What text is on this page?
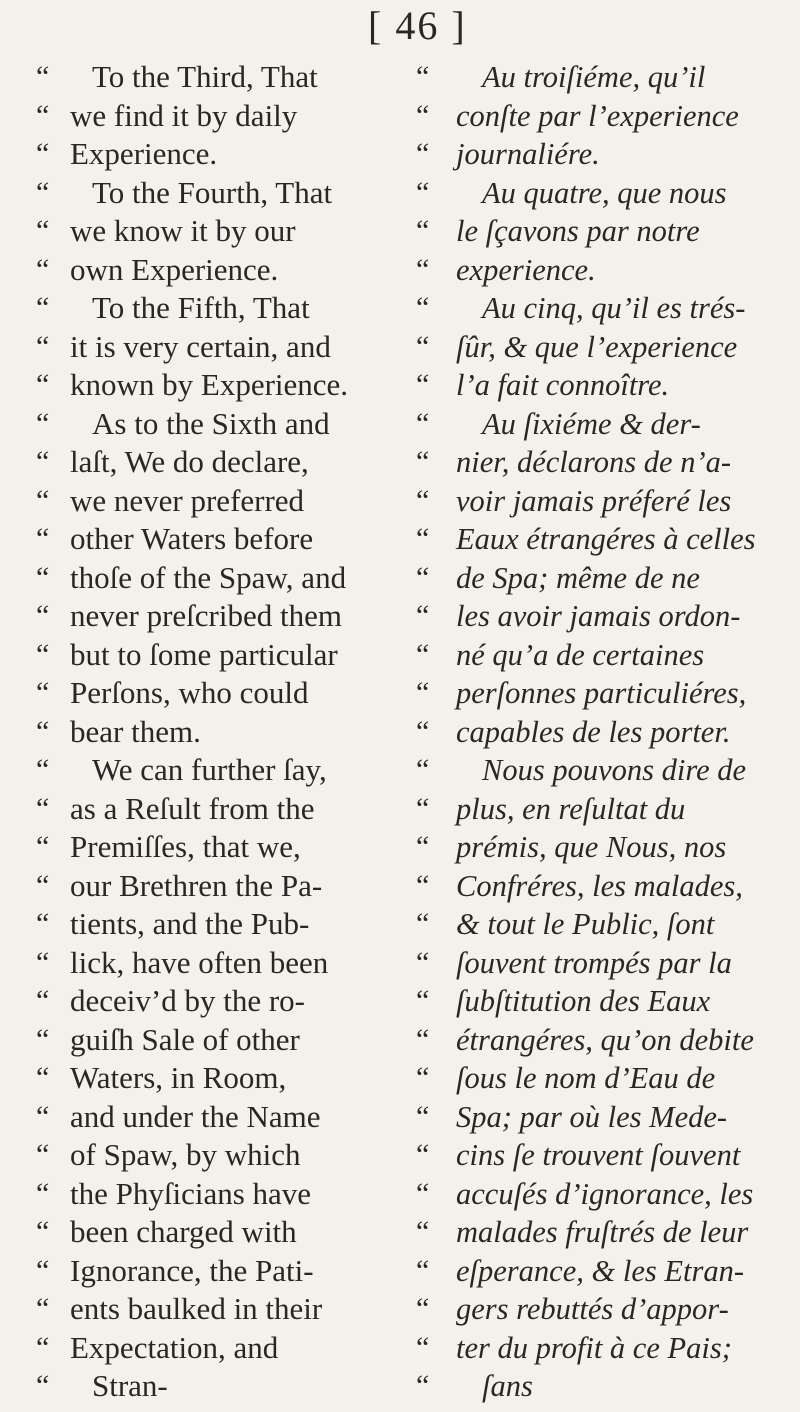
[ 46 ]
“	To the Third, That
“ we find it by daily
“ Experience.
“	To the Fourth, That
“ we know it by our
“ own Experience.
“	To the Fifth, That
“ it is very certain, and
“ known by Experience.
“	As to the Sixth and
“ laſt, We do declare,
“ we never preferred
“ other Waters before
“ thoſe of the Spaw, and
“ never preſcribed them
“ but to ſome particular
“ Perſons, who could
“ bear them.
“	We can further ſay,
“ as a Reſult from the
“ Premiſſes, that we,
“ our Brethren the Pa-
“ tients, and the Pub-
“ lick, have often been
“ deceiv’d by the ro-
“ guiſh Sale of other
“ Waters, in Room,
“ and under the Name
“ of Spaw, by which
“ the Phyſicians have
“ been charged with
“ Ignorance, the Pati-
“ ents baulked in their
“ Expectation, and
“	Stran-
“	Au troiſiéme, qu’il
“ conſte par l’experience
“ journaliére.
“	Au quatre, que nous
“ le ſçavons par notre
“ experience.
“	Au cinq, qu’il es trés-
“ ſûr, & que l’experience
“ l’a fait connoître.
“	Au ſixiéme & der-
“ nier, déclarons de n’a-
“ voir jamais préferé les
“ Eaux étrangéres à celles
“ de Spa; même de ne
“ les avoir jamais ordon-
“ né qu’a de certaines
“ perſonnes particuliéres,
“ capables de les porter.
“	Nous pouvons dire de
“ plus, en reſultat du
“ prémis, que Nous, nos
“ Confréres, les malades,
“ & tout le Public, ſont
“ ſouvent trompés par la
“ ſubſtitution des Eaux
“ étrangéres, qu’on debite
“ ſous le nom d’Eau de
“ Spa; par où les Mede-
“ cins ſe trouvent ſouvent
“ accuſés d’ignorance, les
“ malades fruſtrés de leur
“ eſperance, & les Etran-
“ gers rebuttés d’appor-
“ ter du profit à ce Pais;
“	ſans
